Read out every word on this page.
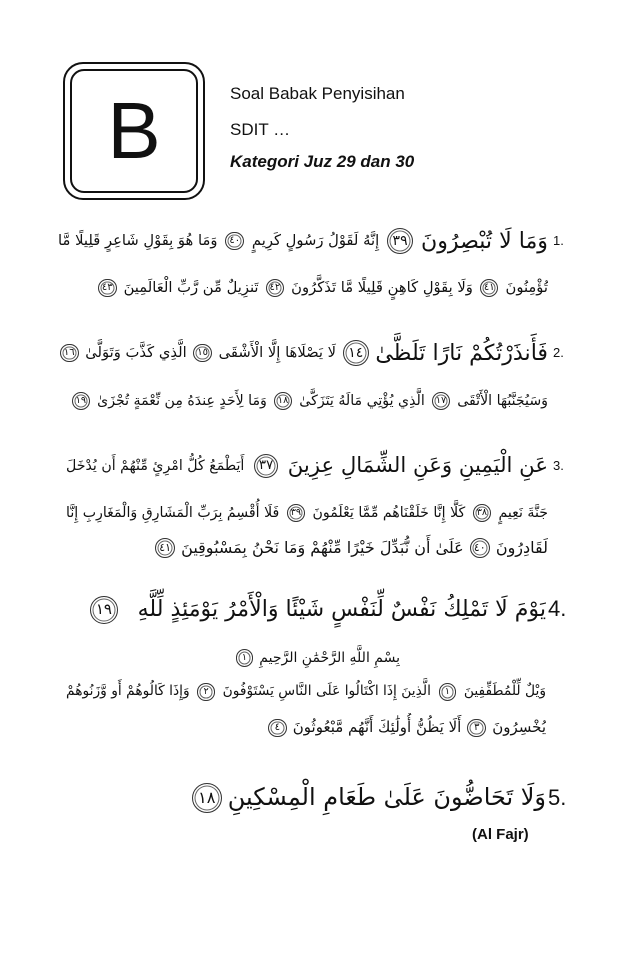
B	Soal Babak Penyisihan
SDIT …
Kategori Juz 29 dan 30
1.
وَمَا لَا تُبْصِرُونَ
٣٩
إِنَّهُ لَقَوْلُ رَسُولٍ كَرِيمٍ
٤٠
وَمَا هُوَ بِقَوْلِ شَاعِرٍ قَلِيلًا مَّا
تُؤْمِنُونَ
٤١
وَلَا بِقَوْلِ كَاهِنٍ قَلِيلًا مَّا تَذَكَّرُونَ
٤٢
تَنزِيلٌ مِّن رَّبِّ الْعَالَمِينَ
٤٣
2.
فَأَنذَرْتُكُمْ نَارًا تَلَظَّىٰ
١٤
لَا يَصْلَاهَا إِلَّا الْأَشْقَى
١٥
الَّذِي كَذَّبَ وَتَوَلَّىٰ
١٦
وَسَيُجَنَّبُهَا الْأَتْقَى
١٧
الَّذِي يُؤْتِي مَالَهُ يَتَزَكَّىٰ
١٨
وَمَا لِأَحَدٍ عِندَهُ مِن نِّعْمَةٍ تُجْزَىٰ
١٩
3.
عَنِ الْيَمِينِ وَعَنِ الشِّمَالِ عِزِينَ
٣٧
أَيَطْمَعُ كُلُّ امْرِئٍ مِّنْهُمْ أَن يُدْخَلَ
جَنَّةَ نَعِيمٍ
٣٨
كَلَّا إِنَّا خَلَقْنَاهُم مِّمَّا يَعْلَمُونَ
٣٩
فَلَا أُقْسِمُ بِرَبِّ الْمَشَارِقِ وَالْمَغَارِبِ إِنَّا
لَقَادِرُونَ
٤٠
عَلَىٰ أَن نُّبَدِّلَ خَيْرًا مِّنْهُمْ وَمَا نَحْنُ بِمَسْبُوقِينَ
٤١
4.
يَوْمَ لَا تَمْلِكُ نَفْسٌ لِّنَفْسٍ شَيْئًا وَالْأَمْرُ يَوْمَئِذٍ لِّلَّهِ
١٩
بِسْمِ اللَّهِ الرَّحْمَٰنِ الرَّحِيمِ
١
وَيْلٌ لِّلْمُطَفِّفِينَ
١
الَّذِينَ إِذَا اكْتَالُوا عَلَى النَّاسِ يَسْتَوْفُونَ
٢
وَإِذَا كَالُوهُمْ أَو وَّزَنُوهُمْ
يُخْسِرُونَ
٣
أَلَا يَظُنُّ أُولَٰئِكَ أَنَّهُم مَّبْعُوثُونَ
٤
5.
وَلَا تَحَاضُّونَ عَلَىٰ طَعَامِ الْمِسْكِينِ
١٨
(Al Fajr)
